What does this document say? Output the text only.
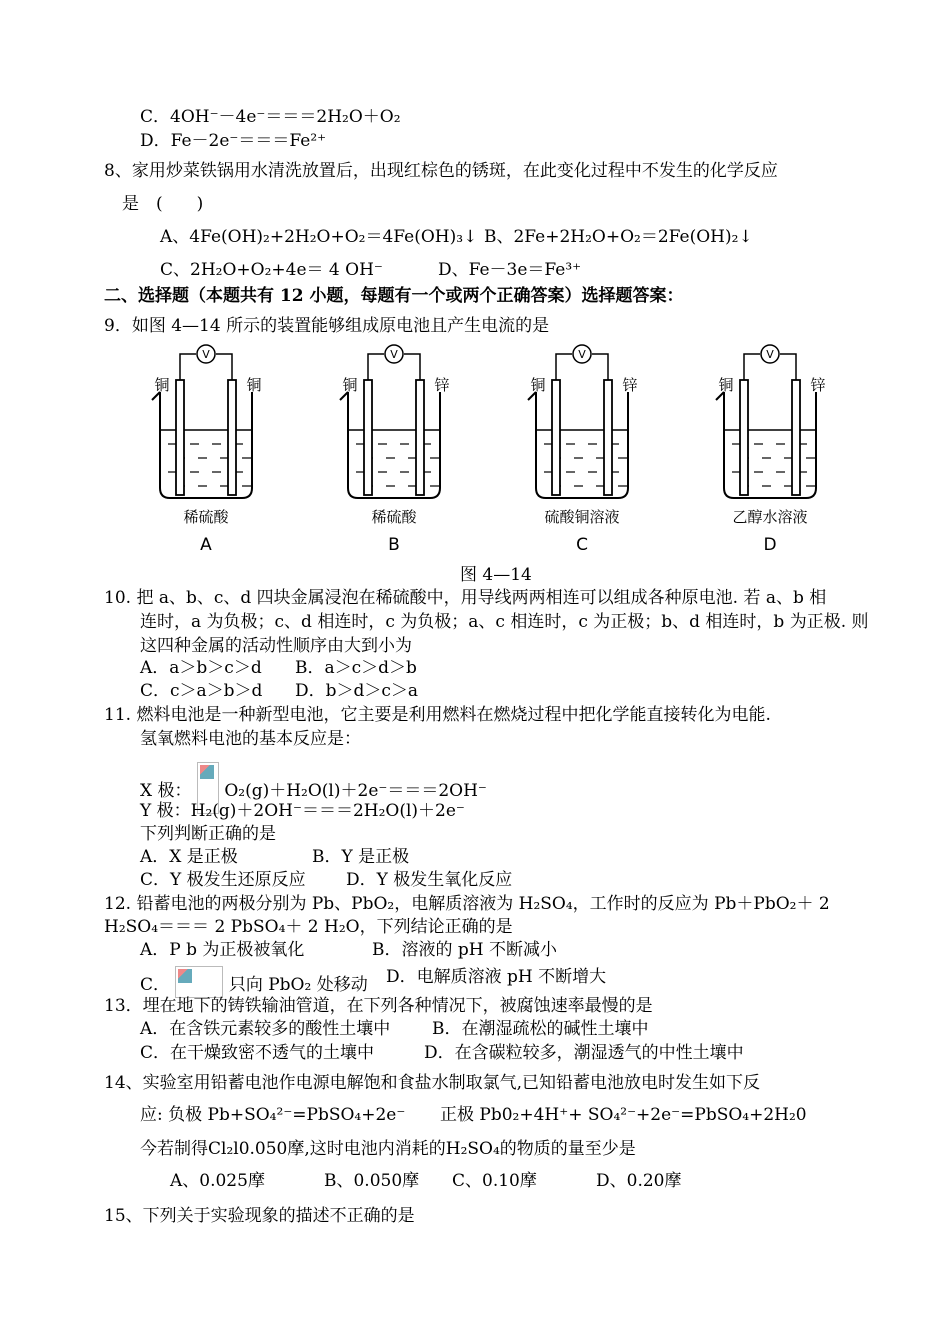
C．4OH⁻－4e⁻＝＝＝2H₂O＋O₂
D．Fe－2e⁻＝＝＝Fe²⁺
8、家用炒菜铁锅用水清洗放置后，出现红棕色的锈斑，在此变化过程中不发生的化学反应
是　(　　)
A、4Fe(OH)₂+2H₂O+O₂＝4Fe(OH)₃↓ B、2Fe+2H₂O+O₂＝2Fe(OH)₂↓
C、2H₂O+O₂+4e＝ 4 OH⁻	D、Fe－3e＝Fe³⁺
二、选择题（本题共有 12 小题，每题有一个或两个正确答案）选择题答案：
9．如图 4—14 所示的装置能够组成原电池且产生电流的是
V
铜	铜
稀硫酸
A
V
铜	锌
稀硫酸
B
V
铜	锌
硫酸铜溶液
C
V
铜	锌
乙醇水溶液
D
图 4—14
10. 把 a、b、c、d 四块金属浸泡在稀硫酸中，用导线两两相连可以组成各种原电池. 若 a、b 相
连时，a 为负极；c、d 相连时，c 为负极；a、c 相连时，c 为正极；b、d 相连时，b 为正极. 则
这四种金属的活动性顺序由大到小为
A．a＞b＞c＞d B．a＞c＞d＞b
C．c＞a＞b＞d D．b＞d＞c＞a
11. 燃料电池是一种新型电池，它主要是利用燃料在燃烧过程中把化学能直接转化为电能.
氢氧燃料电池的基本反应是：
X 极： O₂(g)＋H₂O(l)＋2e⁻＝＝＝2OH⁻
Y 极：H₂(g)＋2OH⁻＝＝＝2H₂O(l)＋2e⁻
下列判断正确的是
A．X 是正极	B．Y 是正极
C．Y 极发生还原反应 D．Y 极发生氧化反应
12. 铅蓄电池的两极分别为 Pb、PbO₂，电解质溶液为 H₂SO₄，工作时的反应为 Pb＋PbO₂＋ 2
H₂SO₄＝＝＝ 2 PbSO₄＋ 2 H₂O，下列结论正确的是
A．P b 为正极被氧化	B．溶液的 pH 不断减小
C．	只向 PbO₂ 处移动 D．电解质溶液 pH 不断增大
13．埋在地下的铸铁输油管道，在下列各种情况下，被腐蚀速率最慢的是
A．在含铁元素较多的酸性土壤中 B．在潮湿疏松的碱性土壤中
C．在干燥致密不透气的土壤中	D．在含碳粒较多，潮湿透气的中性土壤中
14、实验室用铅蓄电池作电源电解饱和食盐水制取氯气,已知铅蓄电池放电时发生如下反
应: 负极 Pb+SO₄²⁻=PbSO₄+2e⁻ 正极 Pb0₂+4H⁺+ SO₄²⁻+2e⁻=PbSO₄+2H₂0
今若制得Cl₂l0.050摩,这时电池内消耗的H₂SO₄的物质的量至少是
A、0.025摩	B、0.050摩 C、0.10摩	D、0.20摩
15、下列关于实验现象的描述不正确的是
